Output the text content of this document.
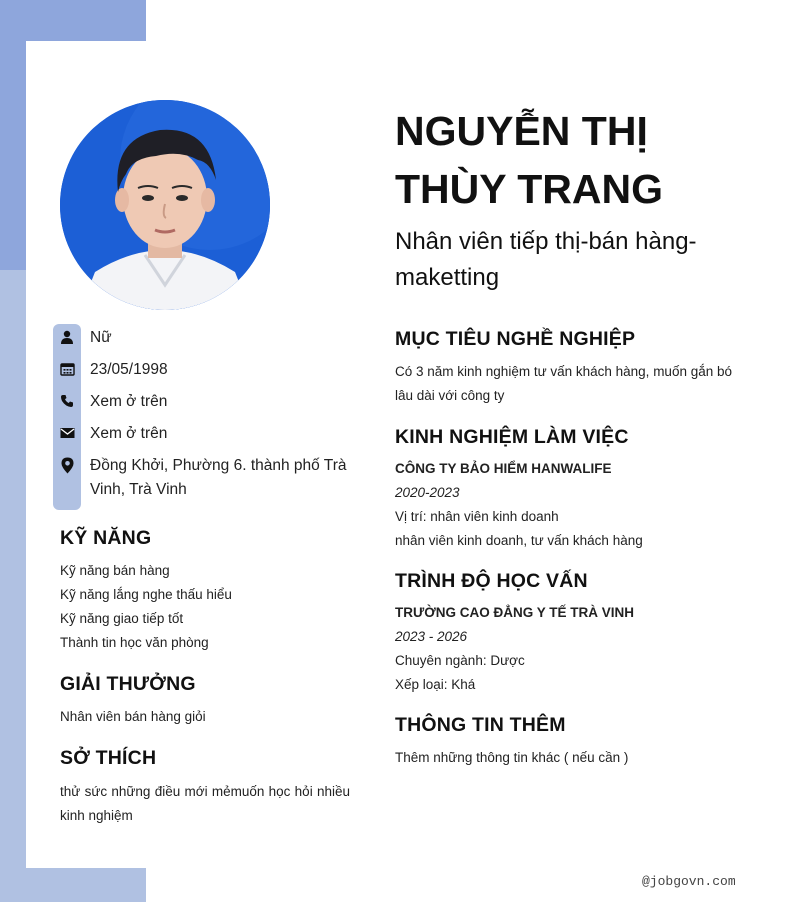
Nữ
23/05/1998
Xem ở trên
Xem ở trên
Đồng Khởi, Phường 6. thành phố Trà Vinh, Trà Vinh
KỸ NĂNG
Kỹ năng bán hàng
Kỹ năng lắng nghe thấu hiểu
Kỹ năng giao tiếp tốt
Thành tin học văn phòng
GIẢI THƯỞNG
Nhân viên bán hàng giỏi
SỞ THÍCH
thử sức những điều mới mẻmuốn học hỏi nhiều kinh nghiệm
NGUYỄN THỊ
THÙY TRANG
Nhân viên tiếp thị-bán hàng-maketting
MỤC TIÊU NGHỀ NGHIỆP
Có 3 năm kinh nghiệm tư vấn khách hàng, muốn gắn bó lâu dài với công ty
KINH NGHIỆM LÀM VIỆC
CÔNG TY BẢO HIỂM HANWALIFE
2020-2023
Vị trí: nhân viên kinh doanh
nhân viên kinh doanh, tư vấn khách hàng
TRÌNH ĐỘ HỌC VẤN
TRƯỜNG CAO ĐẲNG Y TẾ TRÀ VINH
2023 - 2026
Chuyên ngành: Dược
Xếp loại: Khá
THÔNG TIN THÊM
Thêm những thông tin khác ( nếu cần )
@jobgovn.com
